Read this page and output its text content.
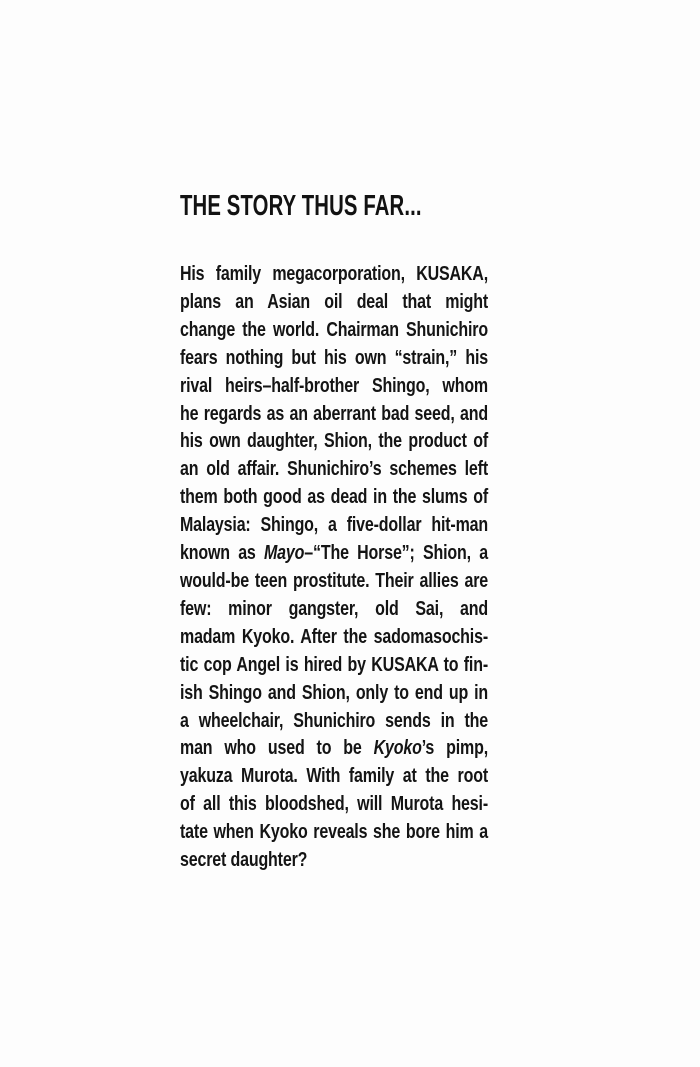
THE STORY THUS FAR...
His family megacorporation, KUSAKA,
plans an Asian oil deal that might
change the world. Chairman Shunichiro
fears nothing but his own “strain,” his
rival heirs–half-brother Shingo, whom
he regards as an aberrant bad seed, and
his own daughter, Shion, the product of
an old affair. Shunichiro’s schemes left
them both good as dead in the slums of
Malaysia: Shingo, a five-dollar hit-man
known as Mayo–“The Horse”; Shion, a
would-be teen prostitute. Their allies are
few: minor gangster, old Sai, and
madam Kyoko. After the sadomasochis-
tic cop Angel is hired by KUSAKA to fin-
ish Shingo and Shion, only to end up in
a wheelchair, Shunichiro sends in the
man who used to be Kyoko’s pimp,
yakuza Murota. With family at the root
of all this bloodshed, will Murota hesi-
tate when Kyoko reveals she bore him a
secret daughter?
